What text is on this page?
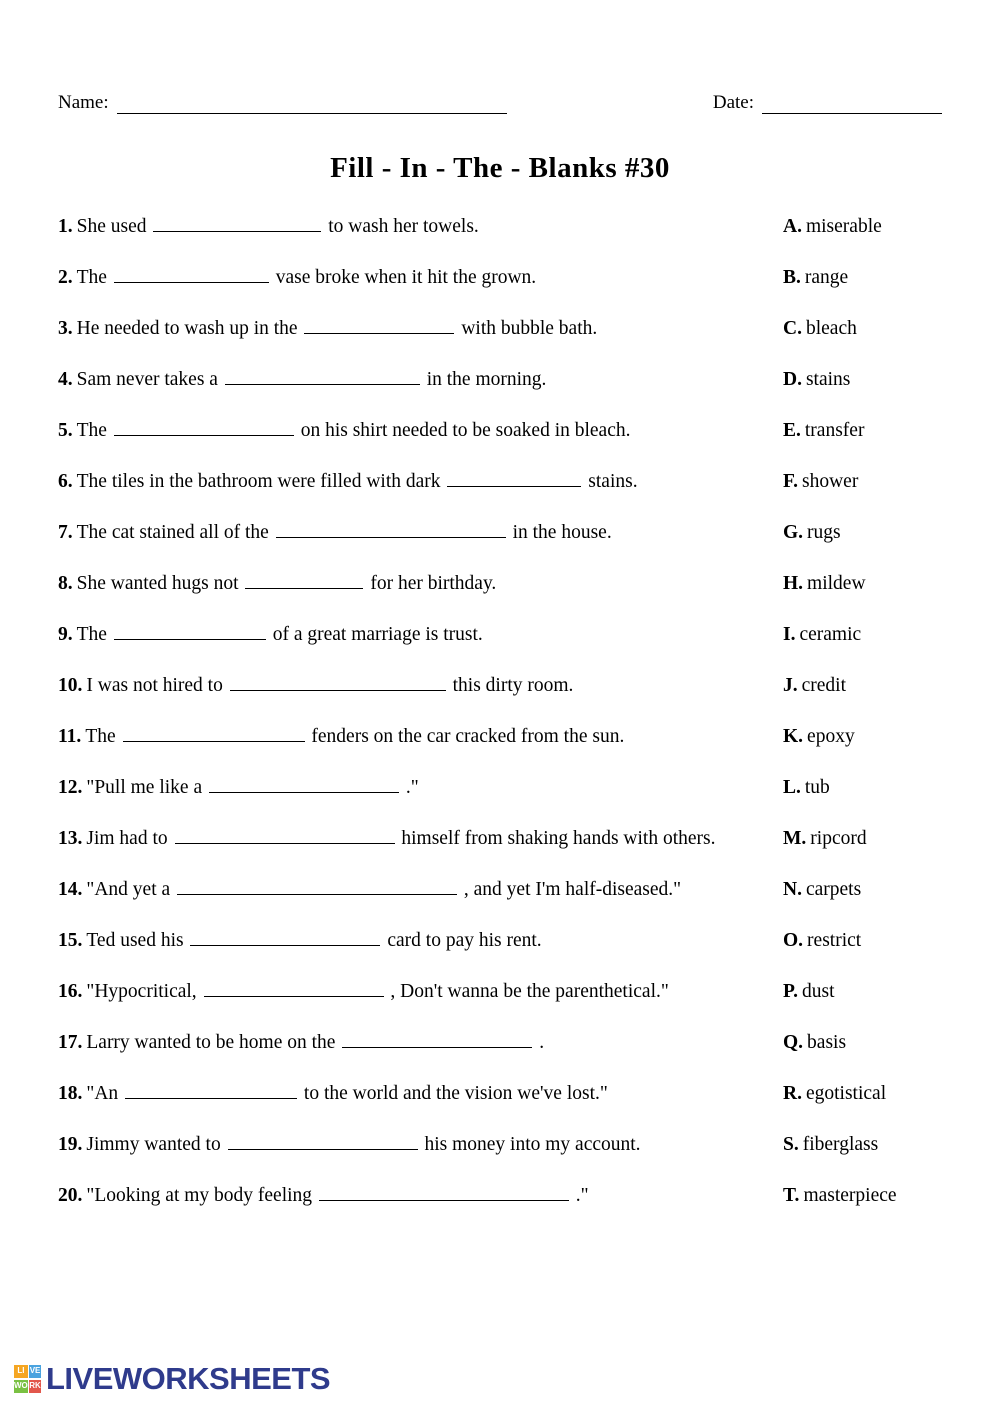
Name:	Date:
Fill - In - The - Blanks #30
1. She used	to wash her towels.	A. miserable
2. The	vase broke when it hit the grown.	B. range
3. He needed to wash up in the	with bubble bath.	C. bleach
4. Sam never takes a	in the morning.	D. stains
5. The	on his shirt needed to be soaked in bleach.	E. transfer
6. The tiles in the bathroom were filled with dark	stains.	F. shower
7. The cat stained all of the	in the house.	G. rugs
8. She wanted hugs not	for her birthday.	H. mildew
9. The	of a great marriage is trust.	I. ceramic
10. I was not hired to	this dirty room.	J. credit
11. The	fenders on the car cracked from the sun.	K. epoxy
12. "Pull me like a	."	L. tub
13. Jim had to	himself from shaking hands with others.	M. ripcord
14. "And yet a	, and yet I'm half-diseased."	N. carpets
15. Ted used his	card to pay his rent.	O. restrict
16. "Hypocritical,	, Don't wanna be the parenthetical."	P. dust
17. Larry wanted to be home on the	.	Q. basis
18. "An	to the world and the vision we've lost."	R. egotistical
19. Jimmy wanted to	his money into my account.	S. fiberglass
20. "Looking at my body feeling	."	T. masterpiece
LI VE
WO RK LIVEWORKSHEETS
